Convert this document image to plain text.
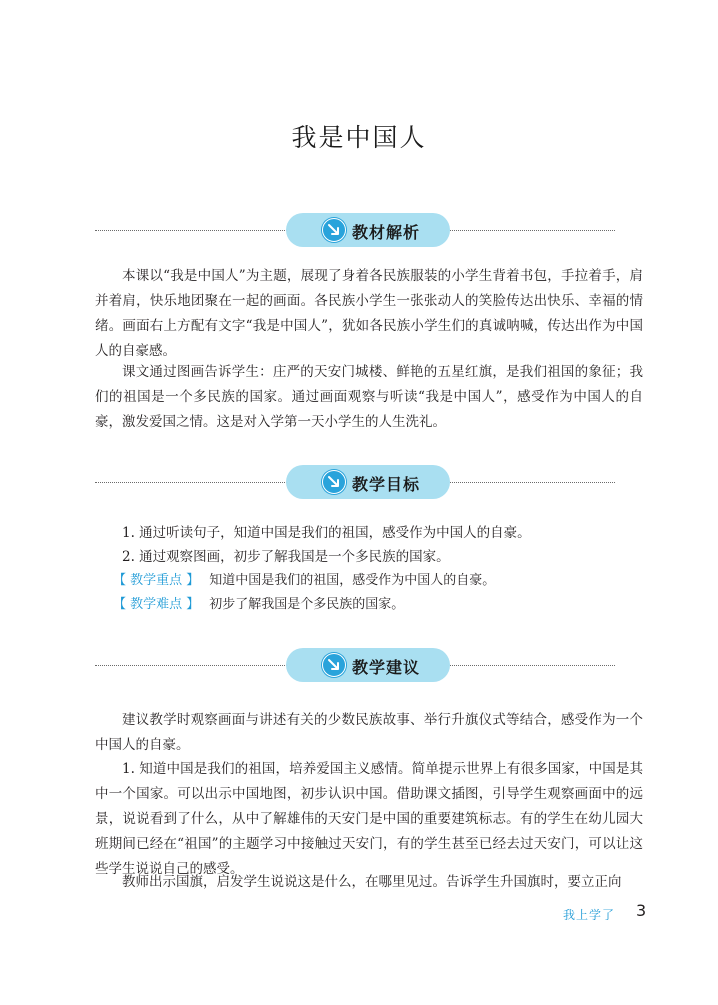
我是中国人
教材解析

本课以“我是中国人”为主题，展现了身着各民族服装的小学生背着书包，手拉着手，肩并着肩，快乐地团聚在一起的画面。各民族小学生一张张动人的笑脸传达出快乐、幸福的情绪。画面右上方配有文字“我是中国人”，犹如各民族小学生们的真诚呐喊，传达出作为中国人的自豪感。

课文通过图画告诉学生：庄严的天安门城楼、鲜艳的五星红旗，是我们祖国的象征；我们的祖国是一个多民族的国家。通过画面观察与听读“我是中国人”，感受作为中国人的自豪，激发爱国之情。这是对入学第一天小学生的人生洗礼。

教学目标
1. 通过听读句子，知道中国是我们的祖国，感受作为中国人的自豪。
2. 通过观察图画，初步了解我国是一个多民族的国家。
【 教学重点 】 知道中国是我们的祖国，感受作为中国人的自豪。
【 教学难点 】 初步了解我国是个多民族的国家。
教学建议

建议教学时观察画面与讲述有关的少数民族故事、举行升旗仪式等结合，感受作为一个中国人的自豪。

1. 知道中国是我们的祖国，培养爱国主义感情。简单提示世界上有很多国家，中国是其中一个国家。可以出示中国地图，初步认识中国。借助课文插图，引导学生观察画面中的远景，说说看到了什么，从中了解雄伟的天安门是中国的重要建筑标志。有的学生在幼儿园大班期间已经在“祖国”的主题学习中接触过天安门，有的学生甚至已经去过天安门，可以让这些学生说说自己的感受。

教师出示国旗，启发学生说说这是什么，在哪里见过。告诉学生升国旗时，要立正向

我上学了 3
